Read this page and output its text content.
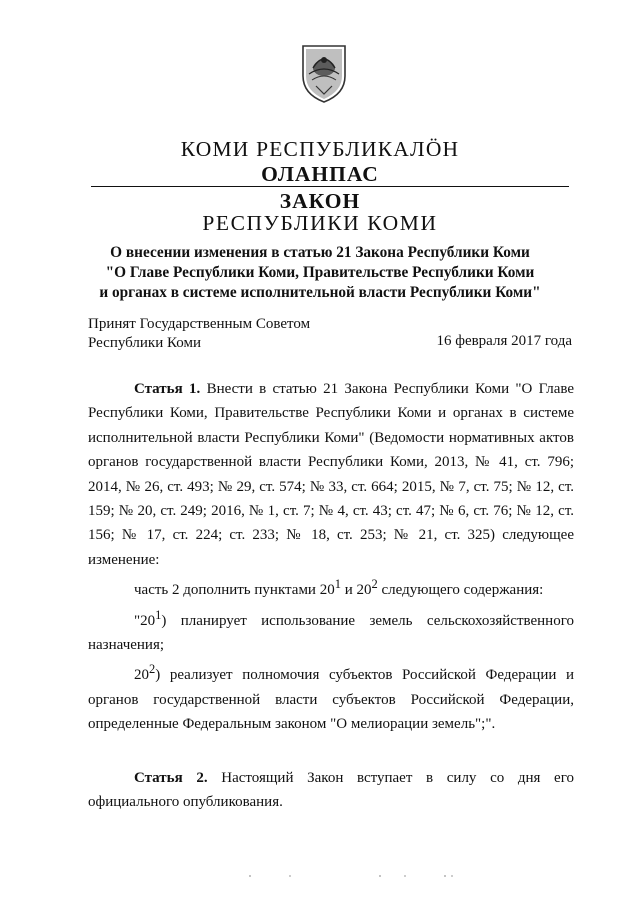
КОМИ РЕСПУБЛИКАЛӦН
ОЛАНПАС
ЗАКОН
РЕСПУБЛИКИ КОМИ
О внесении изменения в статью 21 Закона Республики Коми
"О Главе Республики Коми, Правительстве Республики Коми
и органах в системе исполнительной власти Республики Коми"
Принят Государственным Советом
Республики Коми	16 февраля 2017 года

Статья 1. Внести в статью 21 Закона Республики Коми "О Главе Республики Коми, Правительстве Республики Коми и органах в системе исполнительной власти Республики Коми" (Ведомости нормативных актов органов государственной власти Республики Коми, 2013, № 41, ст. 796; 2014, № 26, ст. 493; № 29, ст. 574; № 33, ст. 664; 2015, № 7, ст. 75; № 12, ст. 159; № 20, ст. 249; 2016, № 1, ст. 7; № 4, ст. 43; ст. 47; № 6, ст. 76; № 12, ст. 156; № 17, ст. 224; ст. 233; № 18, ст. 253; № 21, ст. 325) следующее изменение:

часть 2 дополнить пунктами $20^1$ и $20^2$ следующего содержания:

"$20^1$) планирует использование земель сельскохозяйственного назначения;

$20^2$) реализует полномочия субъектов Российской Федерации и органов государственной власти субъектов Российской Федерации, определенные Федеральным законом "О мелиорации земель";".

Статья 2. Настоящий Закон вступает в силу со дня его официального опубликования.
